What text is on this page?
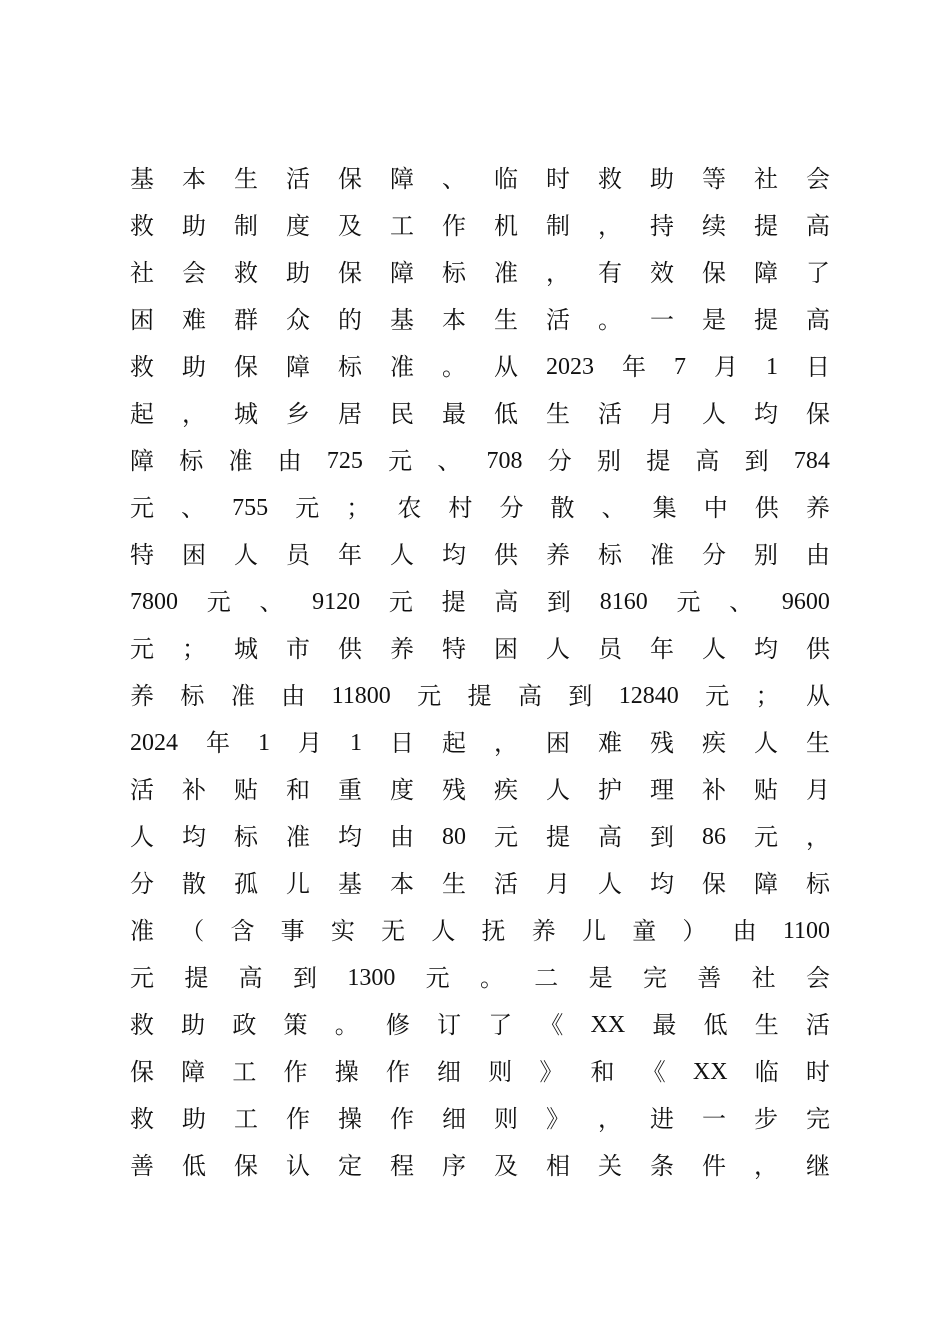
基 本 生 活 保 障 、 临 时 救 助 等 社 会
救 助 制 度 及 工 作 机 制 ， 持 续 提 高
社 会 救 助 保 障 标 准 ， 有 效 保 障 了
困 难 群 众 的 基 本 生 活 。 一 是 提 高
救 助 保 障 标 准 。 从 2023 年 7 月 1 日
起 ， 城 乡 居 民 最 低 生 活 月 人 均 保
障 标 准 由 725 元 、 708 分 别 提 高 到 784
元 、 755 元 ； 农 村 分 散 、 集 中 供 养
特 困 人 员 年 人 均 供 养 标 准 分 别 由
7800 元 、 9120 元 提 高 到 8160 元 、 9600
元 ； 城 市 供 养 特 困 人 员 年 人 均 供
养 标 准 由 11800 元 提 高 到 12840 元 ； 从
2024 年 1 月 1 日 起 ， 困 难 残 疾 人 生
活 补 贴 和 重 度 残 疾 人 护 理 补 贴 月
人 均 标 准 均 由 80 元 提 高 到 86 元 ，
分 散 孤 儿 基 本 生 活 月 人 均 保 障 标
准 （ 含 事 实 无 人 抚 养 儿 童 ） 由 1100
元 提 高 到 1300 元 。 二 是 完 善 社 会
救 助 政 策 。 修 订 了 《 XX 最 低 生 活
保 障 工 作 操 作 细 则 》 和 《 XX 临 时
救 助 工 作 操 作 细 则 》 ， 进 一 步 完
善 低 保 认 定 程 序 及 相 关 条 件 ， 继
